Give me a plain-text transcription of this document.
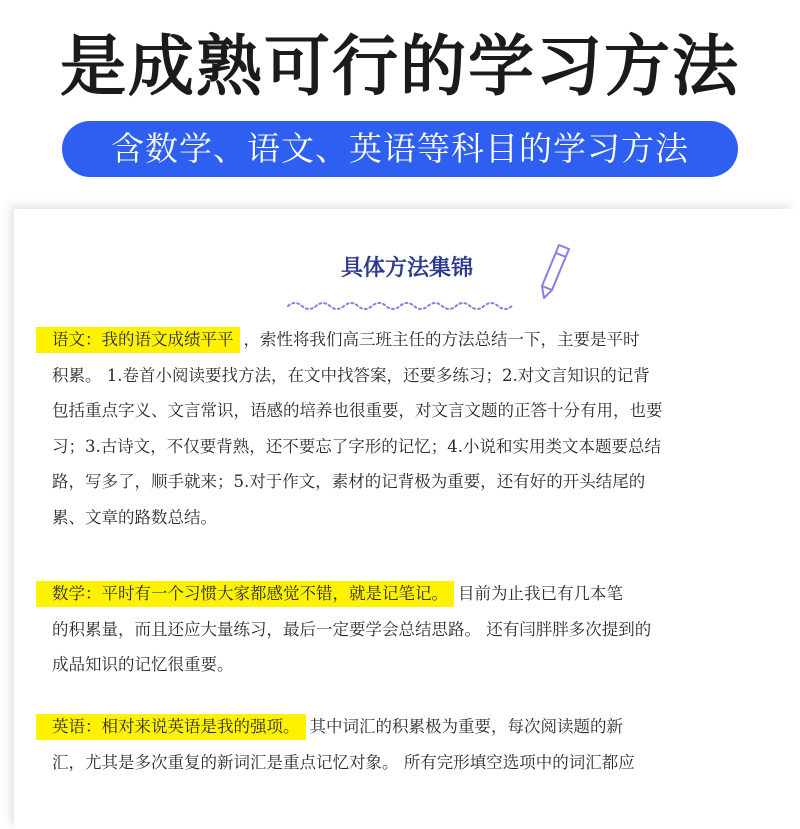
是成熟可行的学习方法
含数学、语文、英语等科目的学习方法
具体方法集锦
语文：我的语文成绩平平 ，索性将我们高三班主任的方法总结一下，主要是平时
积累。 1.卷首小阅读要找方法，在文中找答案，还要多练习；2.对文言知识的记背
包括重点字义、文言常识，语感的培养也很重要，对文言文题的正答十分有用，也要
习；3.古诗文，不仅要背熟，还不要忘了字形的记忆；4.小说和实用类文本题要总结
路，写多了，顺手就来；5.对于作文，素材的记背极为重要，还有好的开头结尾的
累、文章的路数总结。
数学：平时有一个习惯大家都感觉不错，就是记笔记。 目前为止我已有几本笔
的积累量，而且还应大量练习，最后一定要学会总结思路。 还有闫胖胖多次提到的
成品知识的记忆很重要。
英语：相对来说英语是我的强项。 其中词汇的积累极为重要，每次阅读题的新
汇，尤其是多次重复的新词汇是重点记忆对象。 所有完形填空选项中的词汇都应
